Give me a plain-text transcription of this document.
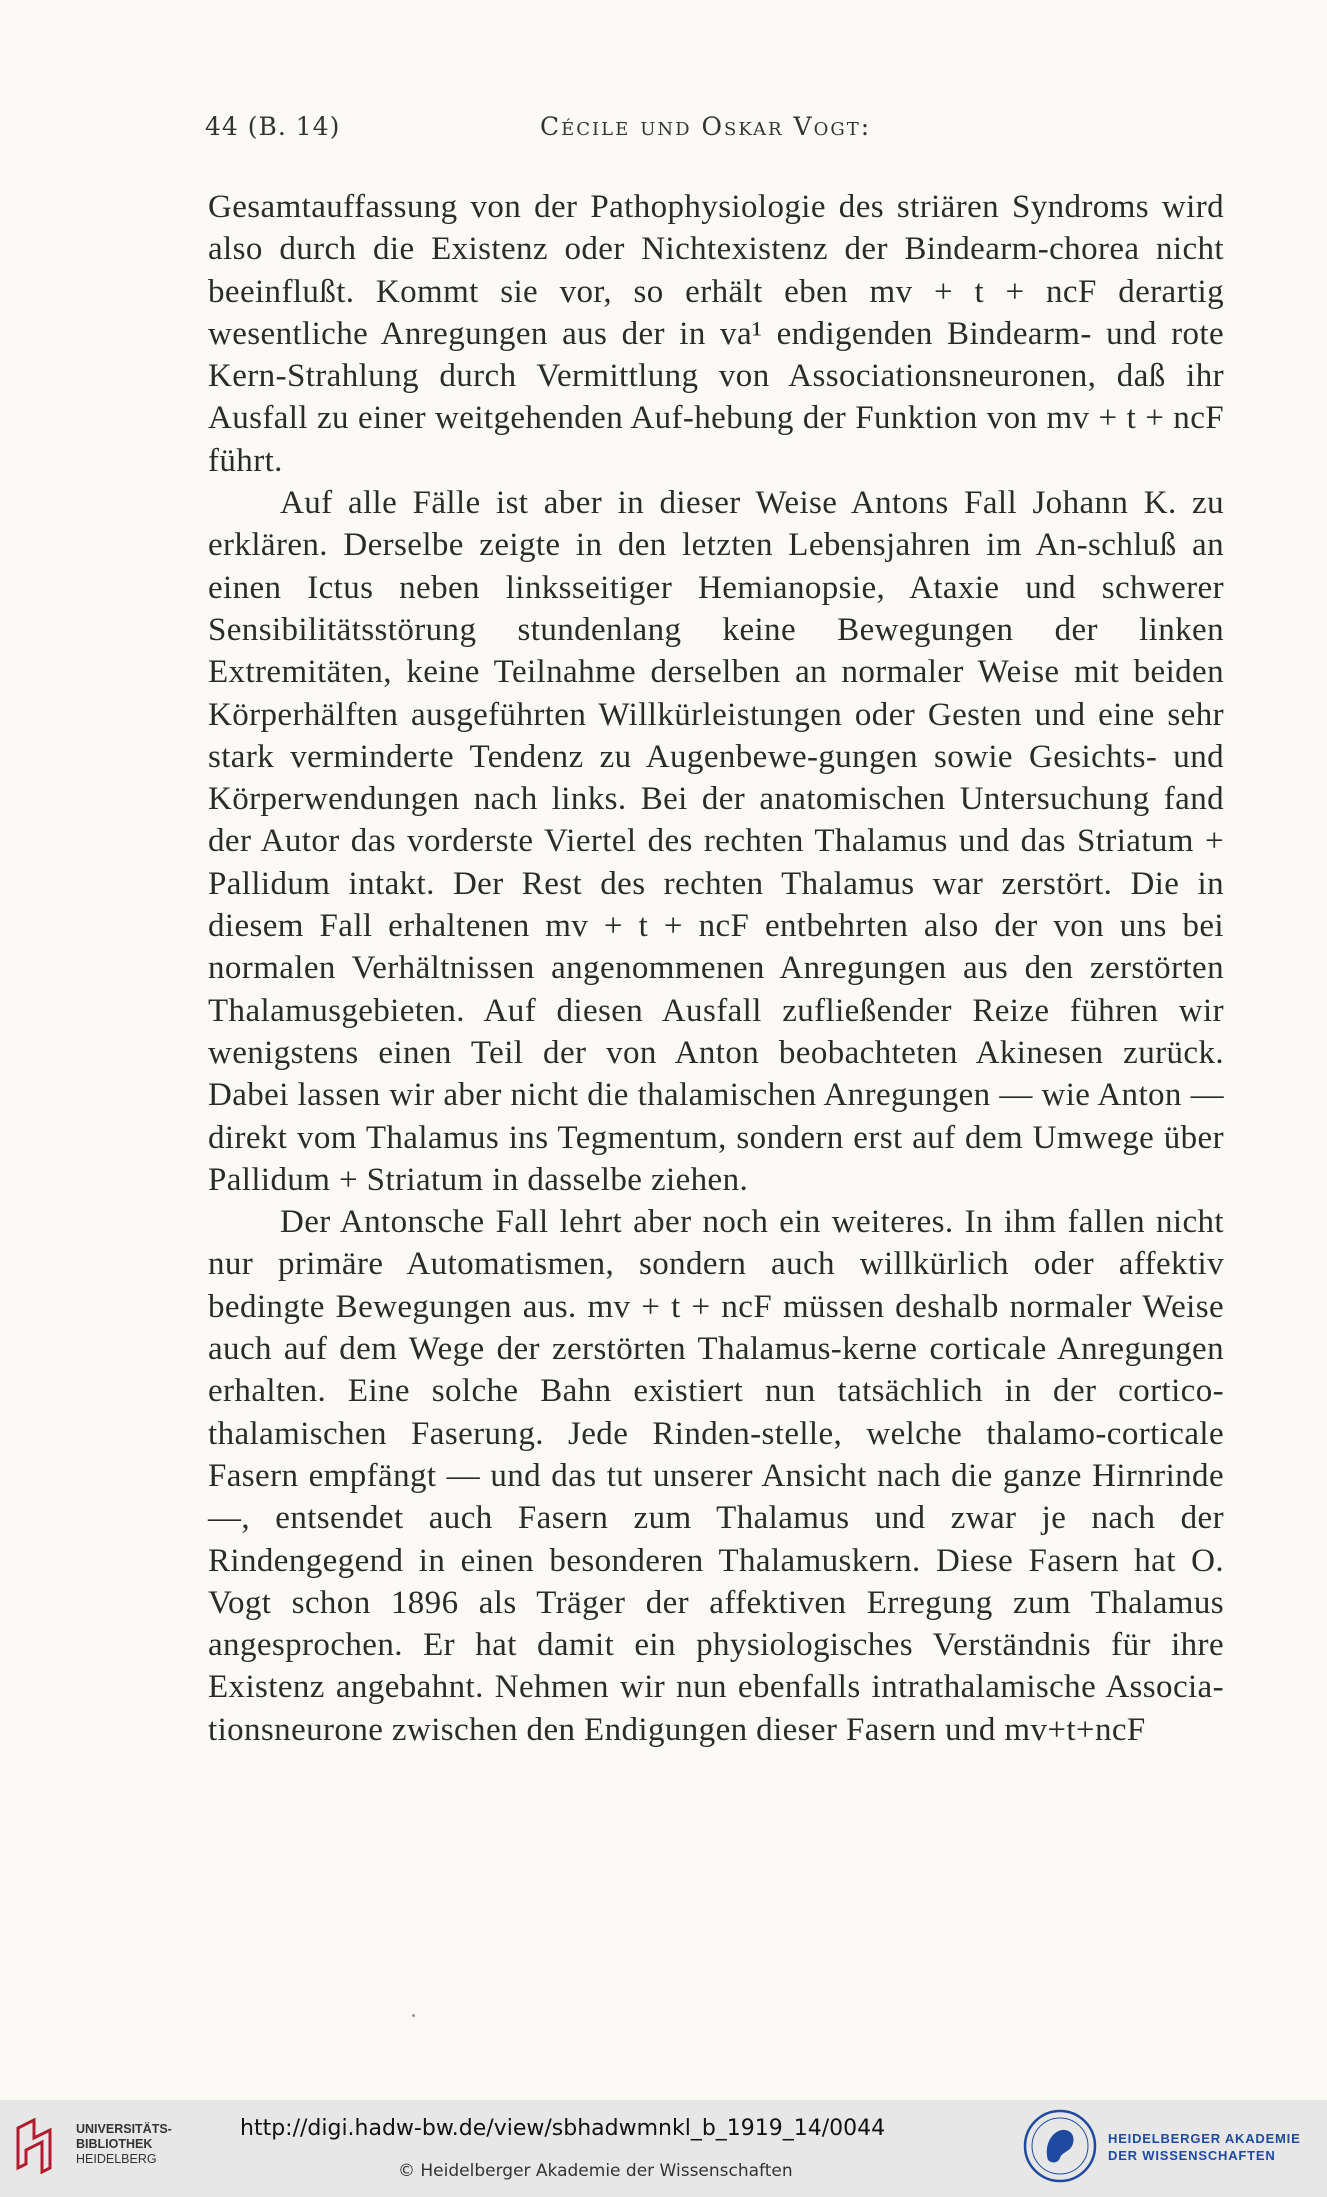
44 (B. 14)	Cécile und Oskar Vogt:

Gesamtauffassung von der Pathophysiologie des striären Syndroms wird also durch die Existenz oder Nichtexistenz der Bindearm-chorea nicht beeinflußt. Kommt sie vor, so erhält eben mv + t + ncF derartig wesentliche Anregungen aus der in va¹ endigenden Bindearm- und rote Kern-Strahlung durch Vermittlung von Associationsneuronen, daß ihr Ausfall zu einer weitgehenden Auf-hebung der Funktion von mv + t + ncF führt.

Auf alle Fälle ist aber in dieser Weise Antons Fall Johann K. zu erklären. Derselbe zeigte in den letzten Lebensjahren im An-schluß an einen Ictus neben linksseitiger Hemianopsie, Ataxie und schwerer Sensibilitätsstörung stundenlang keine Bewegungen der linken Extremitäten, keine Teilnahme derselben an normaler Weise mit beiden Körperhälften ausgeführten Willkürleistungen oder Gesten und eine sehr stark verminderte Tendenz zu Augenbewe-gungen sowie Gesichts- und Körperwendungen nach links. Bei der anatomischen Untersuchung fand der Autor das vorderste Viertel des rechten Thalamus und das Striatum + Pallidum intakt. Der Rest des rechten Thalamus war zerstört. Die in diesem Fall erhaltenen mv + t + ncF entbehrten also der von uns bei normalen Verhältnissen angenommenen Anregungen aus den zerstörten Thalamusgebieten. Auf diesen Ausfall zufließender Reize führen wir wenigstens einen Teil der von Anton beobachteten Akinesen zurück. Dabei lassen wir aber nicht die thalamischen Anregungen — wie Anton — direkt vom Thalamus ins Tegmentum, sondern erst auf dem Umwege über Pallidum + Striatum in dasselbe ziehen.

Der Antonsche Fall lehrt aber noch ein weiteres. In ihm fallen nicht nur primäre Automatismen, sondern auch willkürlich oder affektiv bedingte Bewegungen aus. mv + t + ncF müssen deshalb normaler Weise auch auf dem Wege der zerstörten Thalamus-kerne corticale Anregungen erhalten. Eine solche Bahn existiert nun tatsächlich in der cortico-thalamischen Faserung. Jede Rinden-stelle, welche thalamo-corticale Fasern empfängt — und das tut unserer Ansicht nach die ganze Hirnrinde —, entsendet auch Fasern zum Thalamus und zwar je nach der Rindengegend in einen besonderen Thalamuskern. Diese Fasern hat O. Vogt schon 1896 als Träger der affektiven Erregung zum Thalamus angesprochen. Er hat damit ein physiologisches Verständnis für ihre Existenz angebahnt. Nehmen wir nun ebenfalls intrathalamische Associa-tionsneurone zwischen den Endigungen dieser Fasern und mv+t+ncF

UNIVERSITÄTS-
BIBLIOTHEK
HEIDELBERG
http://digi.hadw-bw.de/view/sbhadwmnkl_b_1919_14/0044
© Heidelberger Akademie der Wissenschaften
HEIDELBERGER AKADEMIE
DER WISSENSCHAFTEN
